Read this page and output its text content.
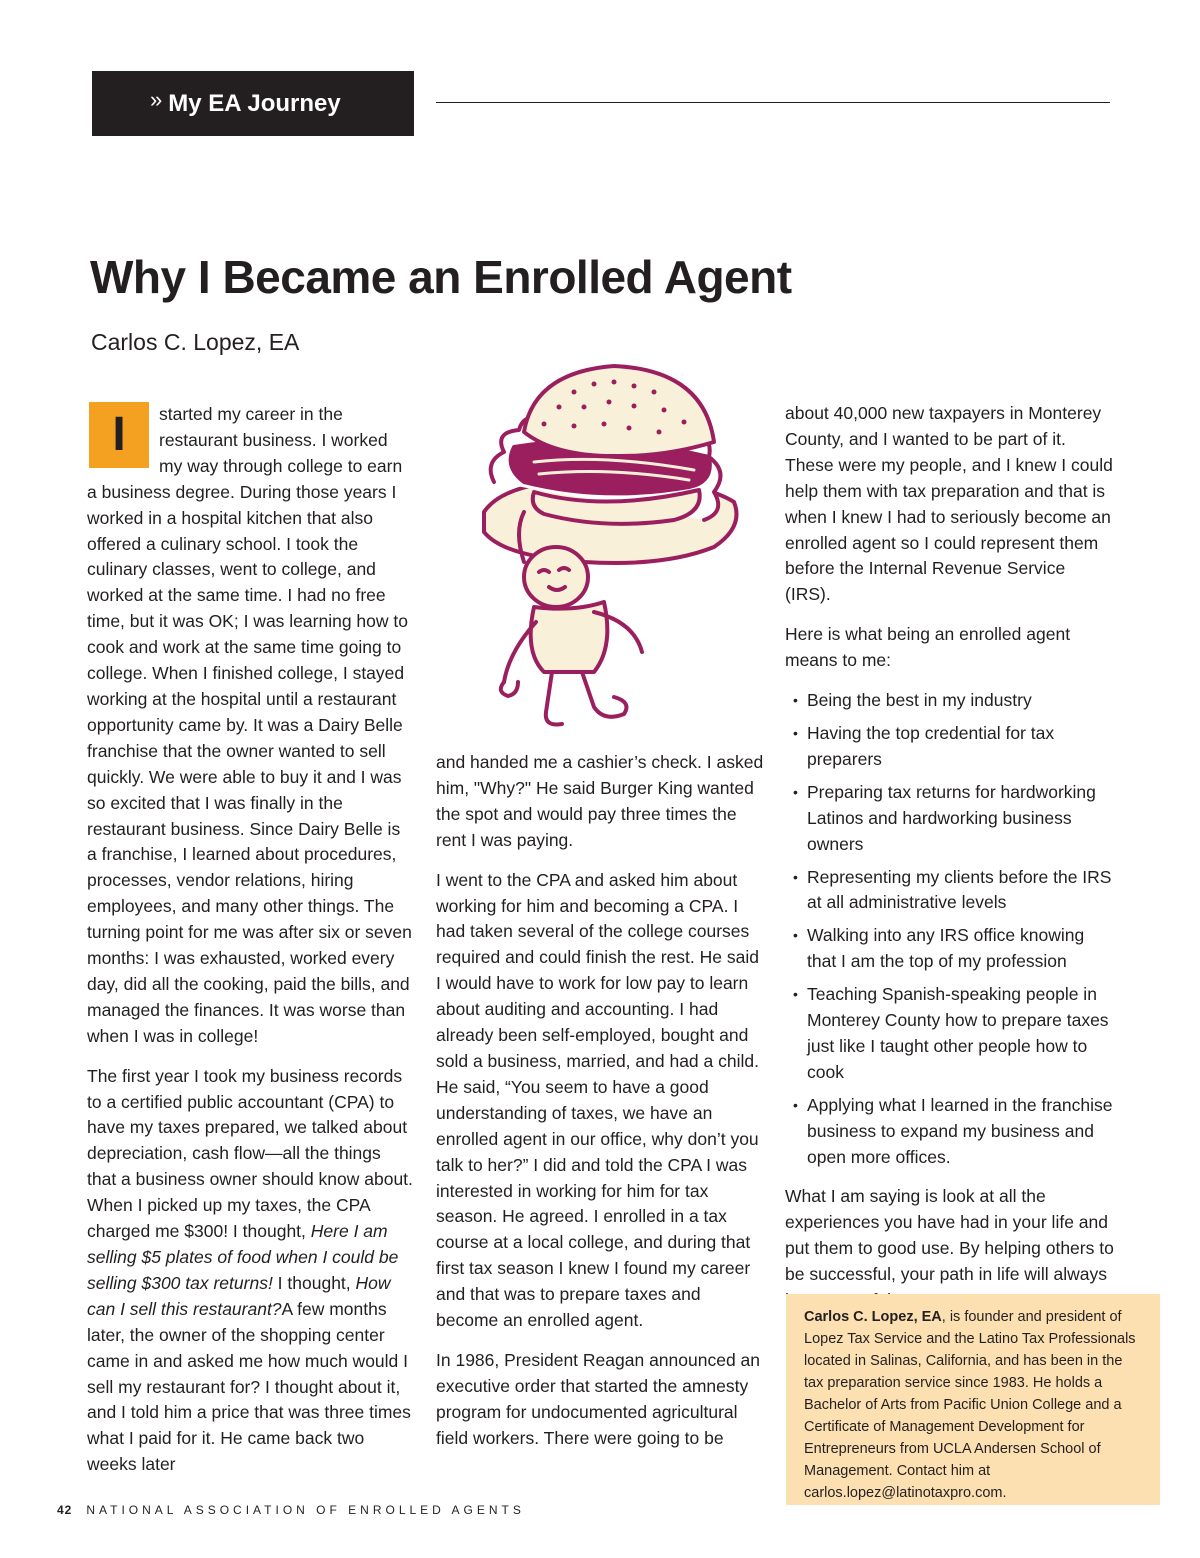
» My EA Journey
Why I Became an Enrolled Agent
Carlos C. Lopez, EA

I	started my career in the restaurant business. I worked my way through college to earn a business degree. During those years I worked in a hospital kitchen that also offered a culinary school. I took the culinary classes, went to college, and worked at the same time. I had no free time, but it was OK; I was learning how to cook and work at the same time going to college. When I finished college, I stayed working at the hospital until a restaurant opportunity came by. It was a Dairy Belle franchise that the owner wanted to sell quickly. We were able to buy it and I was so excited that I was finally in the restaurant business. Since Dairy Belle is a franchise, I learned about procedures, processes, vendor relations, hiring employees, and many other things. The turning point for me was after six or seven months: I was exhausted, worked every day, did all the cooking, paid the bills, and managed the finances. It was worse than when I was in college!

The first year I took my business records to a certified public accountant (CPA) to have my taxes prepared, we talked about depreciation, cash flow—all the things that a business owner should know about. When I picked up my taxes, the CPA charged me $300! I thought, Here I am selling $5 plates of food when I could be selling $300 tax returns! I thought, How can I sell this restaurant?A few months later, the owner of the shopping center came in and asked me how much would I sell my restaurant for? I thought about it, and I told him a price that was three times what I paid for it. He came back two weeks later

and handed me a cashier’s check. I asked him, "Why?" He said Burger King wanted the spot and would pay three times the rent I was paying.

I went to the CPA and asked him about working for him and becoming a CPA. I had taken several of the college courses required and could finish the rest. He said I would have to work for low pay to learn about auditing and accounting. I had already been self-employed, bought and sold a business, married, and had a child. He said, “You seem to have a good understanding of taxes, we have an enrolled agent in our office, why don’t you talk to her?” I did and told the CPA I was interested in working for him for tax season. He agreed. I enrolled in a tax course at a local college, and during that first tax season I knew I found my career and that was to prepare taxes and become an enrolled agent.

In 1986, President Reagan announced an executive order that started the amnesty program for undocumented agricultural field workers. There were going to be

about 40,000 new taxpayers in Monterey County, and I wanted to be part of it. These were my people, and I knew I could help them with tax preparation and that is when I knew I had to seriously become an enrolled agent so I could represent them before the Internal Revenue Service (IRS).

Here is what being an enrolled agent means to me:

• Being the best in my industry
• Having the top credential for tax preparers
• Preparing tax returns for hardworking Latinos and hardworking business owners
• Representing my clients before the IRS at all administrative levels
• Walking into any IRS office knowing that I am the top of my profession
• Teaching Spanish-speaking people in Monterey County how to prepare taxes just like I taught other people how to cook
• Applying what I learned in the franchise business to expand my business and open more offices.

What I am saying is look at all the experiences you have had in your life and put them to good use. By helping others to be successful, your path in life will always

Carlos C. Lopez, EA, is founder and president of Lopez Tax Service and the Latino Tax Professionals located in Salinas, California, and has been in the tax preparation service since 1983. He holds a Bachelor of Arts from Pacific Union College and a Certificate of Management Development for Entrepreneurs from UCLA Andersen School of Management. Contact him at carlos.lopez@latinotaxpro.com.
42 NATIONAL ASSOCIATION OF ENROLLED AGENTS
